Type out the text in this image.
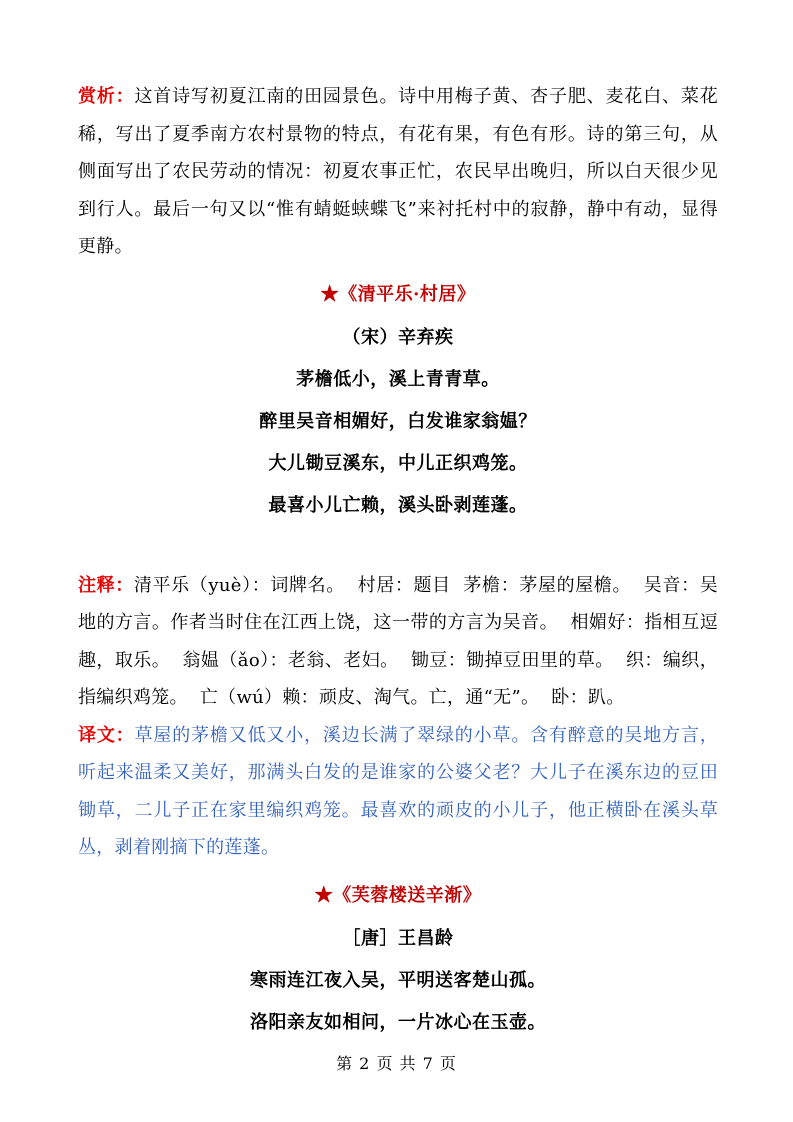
赏析：这首诗写初夏江南的田园景色。诗中用梅子黄、杏子肥、麦花白、菜花稀，写出了夏季南方农村景物的特点，有花有果，有色有形。诗的第三句，从侧面写出了农民劳动的情况：初夏农事正忙，农民早出晚归，所以白天很少见到行人。最后一句又以“惟有蜻蜓蛱蝶飞”来衬托村中的寂静，静中有动，显得更静。

★《清平乐·村居》
（宋）辛弃疾
茅檐低小，溪上青青草。
醉里吴音相媚好，白发谁家翁媪？
大儿锄豆溪东，中儿正织鸡笼。
最喜小儿亡赖，溪头卧剥莲蓬。

注释：清平乐（yuè）：词牌名。  村居：题目  茅檐：茅屋的屋檐。  吴音：吴地的方言。作者当时住在江西上饶，这一带的方言为吴音。  相媚好：指相互逗趣，取乐。  翁媪（ǎo）：老翁、老妇。  锄豆：锄掉豆田里的草。  织：编织，指编织鸡笼。  亡（wú）赖：顽皮、淘气。亡，通“无”。  卧：趴。

译文：草屋的茅檐又低又小，溪边长满了翠绿的小草。含有醉意的吴地方言，听起来温柔又美好，那满头白发的是谁家的公婆父老？大儿子在溪东边的豆田锄草，二儿子正在家里编织鸡笼。最喜欢的顽皮的小儿子，他正横卧在溪头草丛，剥着刚摘下的莲蓬。

★《芙蓉楼送辛渐》
［唐］王昌龄
寒雨连江夜入吴，平明送客楚山孤。
洛阳亲友如相问，一片冰心在玉壶。
第 2 页 共 7 页
